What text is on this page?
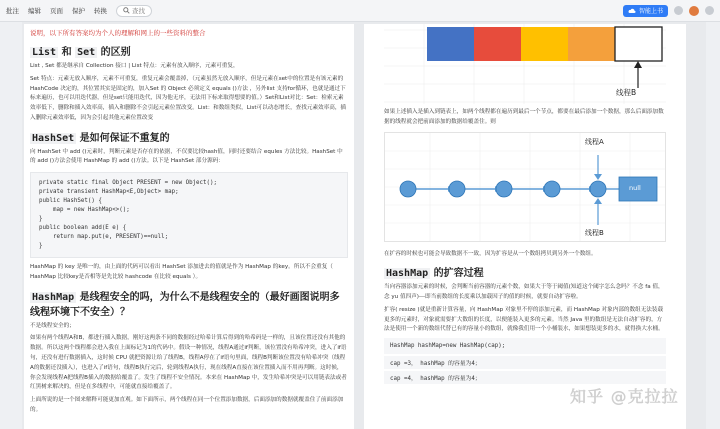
批注 编辑 页面 保护 转换	查找	智能上书
说明，以下所有答案均为个人的理解和网上的一些资料的整合
List 和 Set 的区别

List , Set 都是继承自 Collection 接口 | List 特点：元素有放入顺序，元素可重复，

Set 特点：元素无放入顺序，元素不可重复，重复元素会覆盖掉，（元素虽然无放入顺序，但是元素在set中的位置是有该元素的 HashCode 决定的，其位置其实是固定的，加入Set 的 Object 必须定义 equals ()方法 ，另外list 支持for循环，也就是通过下标来遍历，也可以用迭代器，但是set只能用迭代，因为他无序，无法用下标来取得想要的值。）Set和List对比：Set：检索元素效率低下，删除和插入效率高，插入和删除不会引起元素位置改变。List：和数组类似，List可以动态增长，查找元素效率高，插入删除元素效率低，因为会引起其他元素位置改变

HashSet 是如何保证不重复的

向 HashSet 中 add ()元素时，判断元素是否存在的依据，不仅要比较hash值，同时还要结合 equles 方法比较。HashSet 中的 add ()方法会使用 HashMap 的 add ()方法。以下是 HashSet 部分源码：

private static final Object PRESENT = new Object();
private transient HashMap<E,Object> map;
public HashSet() {
map = new HashMap<>();
}
public boolean add(E e) {
return map.put(e, PRESENT)==null;
}

HashMap 的 key 是唯一的，由上面的代码可以看出 HashSet 添加进去的值就是作为 HashMap 的key。所以不会重复（ HashMap 比较key是否相等是先比较 hashcode 在比较 equals ）。

HashMap 是线程安全的吗，为什么不是线程安全的（最好画图说明多线程环境下不安全）？

不是线程安全的；

如果有两个线程A和B，都进行插入数据，刚好这两条不同的数据经过哈希计算后得到的哈希码是一样的，且该位置还没有其他的数据。所以这两个线程都会进入我在上面标记为1的代码中。假设一种情况，线程A通过if判断，该位置没有哈希冲突，进入了if语句，还没有进行数据插入，这时候 CPU 就把资源让给了线程B，线程A停在了if语句里面，线程B判断该位置没有哈希冲突（线程A的数据还没插入），也进入了if语句，线程B执行完后，轮到线程A执行，现在线程A直接在该位置插入而不用再判断。这时候，你会发现线程A把线程B插入的数据给覆盖了。发生了线程不安全情况。本来在 HashMap 中，发生哈希冲突是可以用链表法或者红黑树来解决的，但是在多线程中，可能就直接给覆盖了。

上面所说的是一个图来解释可能更加直观。如下面所示，两个线程在同一个位置添加数据，后面添加的数据就覆盖住了前面添加的。

线程B

如果上述插入是插入到链表上，如两个线程都在遍历到最后一个节点，都要在最后添加一个数据，那么后面添加数据的线程就会把前面添加的数据给覆盖住。则

线程A
线程B
null

在扩容的时候也可能会导致数据不一致，因为扩容是从一个数组拷贝到另外一个数组。

HashMap 的扩容过程

当向容器添加元素的时候，会判断当前容器的元素个数，如果大于等于阈值(知道这个阈字怎么念吗？不念 fa 值，念 yu 值四声)---即当前数组的长度乘以加载因子的值的时候，就要自动扩容啦。

扩容( resize )就是重新计算容量，向 HashMap 对象里不停的添加元素，而 HashMap 对象内部的数组无法装载更多的元素时，对象就需要扩大数组的长度，以便能装入更多的元素。当然 Java 里的数组是无法自动扩容的，方法是使用一个新的数组代替已有的容量小的数组，就像我们用一个小桶装水，如果想装更多的水，就得换大水桶。

HashMap hashMap=new HashMap(cap);
cap =3， hashMap 的容量为4；
cap =4， hashMap 的容量为4；
知乎 @克拉拉
